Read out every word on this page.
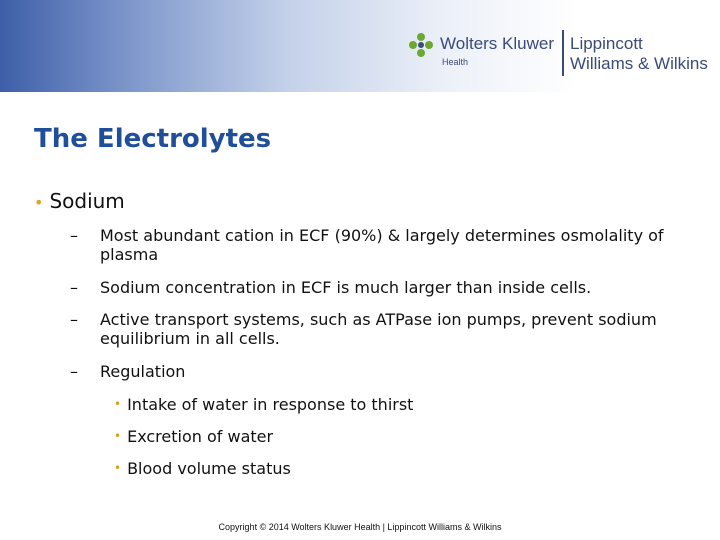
Wolters Kluwer
Health
Lippincott
Williams & Wilkins
The Electrolytes
• Sodium
– Most abundant cation in ECF (90%) & largely determines osmolality of plasma
– Sodium concentration in ECF is much larger than inside cells.
– Active transport systems, such as ATPase ion pumps, prevent sodium equilibrium in all cells.
– Regulation
• Intake of water in response to thirst
• Excretion of water
• Blood volume status
Copyright © 2014 Wolters Kluwer Health | Lippincott Williams & Wilkins
